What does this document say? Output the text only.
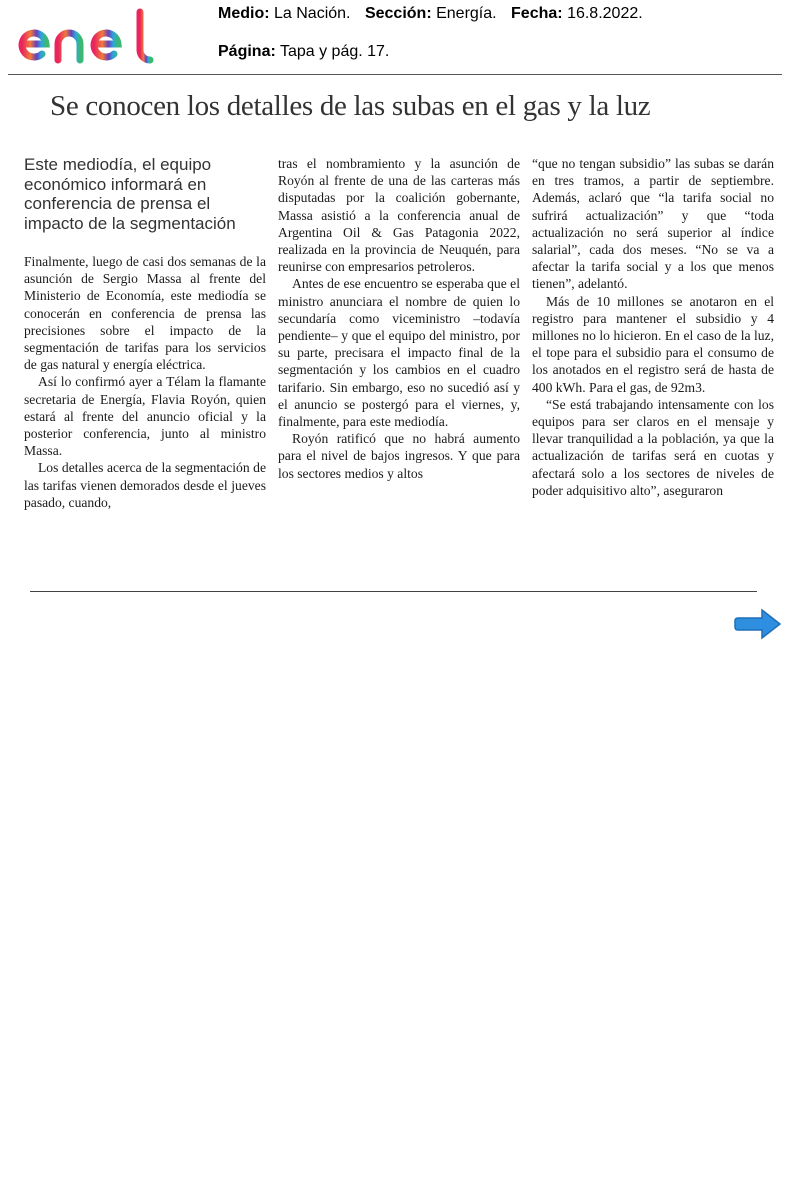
Medio: La Nación. Sección: Energía. Fecha: 16.8.2022.
Página: Tapa y pág. 17.
Se conocen los detalles de las subas en el gas y la luz
Este mediodía, el equipo económico informará en conferencia de prensa el impacto de la segmentación

Finalmente, luego de casi dos semanas de la asunción de Sergio Massa al frente del Ministerio de Economía, este mediodía se conocerán en conferencia de prensa las precisiones sobre el impacto de la segmentación de tarifas para los servicios de gas natural y energía eléctrica.

Así lo confirmó ayer a Télam la flamante secretaria de Energía, Flavia Royón, quien estará al frente del anuncio oficial y la posterior conferencia, junto al ministro Massa.

Los detalles acerca de la segmentación de las tarifas vienen demorados desde el jueves pasado, cuando,

tras el nombramiento y la asunción de Royón al frente de una de las carteras más disputadas por la coalición gobernante, Massa asistió a la conferencia anual de Argentina Oil & Gas Patagonia 2022, realizada en la provincia de Neuquén, para reunirse con empresarios petroleros.

Antes de ese encuentro se esperaba que el ministro anunciara el nombre de quien lo secundaría como viceministro –todavía pendiente– y que el equipo del ministro, por su parte, precisara el impacto final de la segmentación y los cambios en el cuadro tarifario. Sin embargo, eso no sucedió así y el anuncio se postergó para el viernes, y, finalmente, para este mediodía.

Royón ratificó que no habrá aumento para el nivel de bajos ingresos. Y que para los sectores medios y altos

“que no tengan subsidio” las subas se darán en tres tramos, a partir de septiembre. Además, aclaró que “la tarifa social no sufrirá actualización” y que “toda actualización no será superior al índice salarial”, cada dos meses. “No se va a afectar la tarifa social y a los que menos tienen”, adelantó.

Más de 10 millones se anotaron en el registro para mantener el subsidio y 4 millones no lo hicieron. En el caso de la luz, el tope para el subsidio para el consumo de los anotados en el registro será de hasta de 400 kWh. Para el gas, de 92m3.

“Se está trabajando intensamente con los equipos para ser claros en el mensaje y llevar tranquilidad a la población, ya que la actualización de tarifas será en cuotas y afectará solo a los sectores de niveles de poder adquisitivo alto”, aseguraron
